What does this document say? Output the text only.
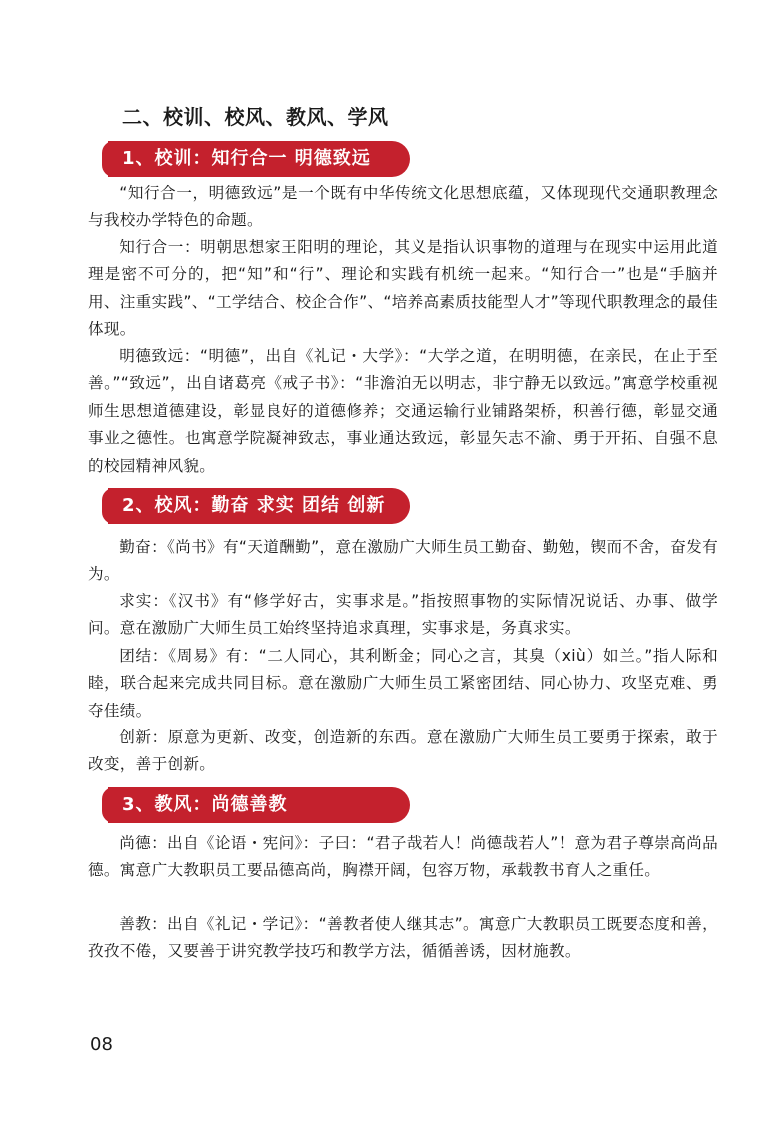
二、校训、校风、教风、学风
1、校训：知行合一 明德致远

“知行合一，明德致远”是一个既有中华传统文化思想底蕴，又体现现代交通职教理念与我校办学特色的命题。

知行合一：明朝思想家王阳明的理论，其义是指认识事物的道理与在现实中运用此道理是密不可分的，把“知”和“行”、理论和实践有机统一起来。“知行合一”也是“手脑并用、注重实践”、“工学结合、校企合作”、“培养高素质技能型人才”等现代职教理念的最佳体现。

明德致远：“明德”，出自《礼记・大学》：“大学之道，在明明德，在亲民，在止于至善。”“致远”，出自诸葛亮《戒子书》：“非澹泊无以明志，非宁静无以致远。”寓意学校重视师生思想道德建设，彰显良好的道德修养；交通运输行业铺路架桥，积善行德，彰显交通事业之德性。也寓意学院凝神致志，事业通达致远，彰显矢志不渝、勇于开拓、自强不息的校园精神风貌。

2、校风：勤奋 求实 团结 创新

勤奋：《尚书》有“天道酬勤”，意在激励广大师生员工勤奋、勤勉，锲而不舍，奋发有为。

求实：《汉书》有“修学好古，实事求是。”指按照事物的实际情况说话、办事、做学问。意在激励广大师生员工始终坚持追求真理，实事求是，务真求实。

团结：《周易》有：“二人同心，其利断金；同心之言，其臭（xiù）如兰。”指人际和睦，联合起来完成共同目标。意在激励广大师生员工紧密团结、同心协力、攻坚克难、勇夺佳绩。

创新：原意为更新、改变，创造新的东西。意在激励广大师生员工要勇于探索，敢于改变，善于创新。

3、教风：尚德善教

尚德：出自《论语・宪问》：子曰：“君子哉若人！尚德哉若人”！意为君子尊崇高尚品德。寓意广大教职员工要品德高尚，胸襟开阔，包容万物，承载教书育人之重任。

善教：出自《礼记・学记》：“善教者使人继其志”。寓意广大教职员工既要态度和善，孜孜不倦，又要善于讲究教学技巧和教学方法，循循善诱，因材施教。

08
